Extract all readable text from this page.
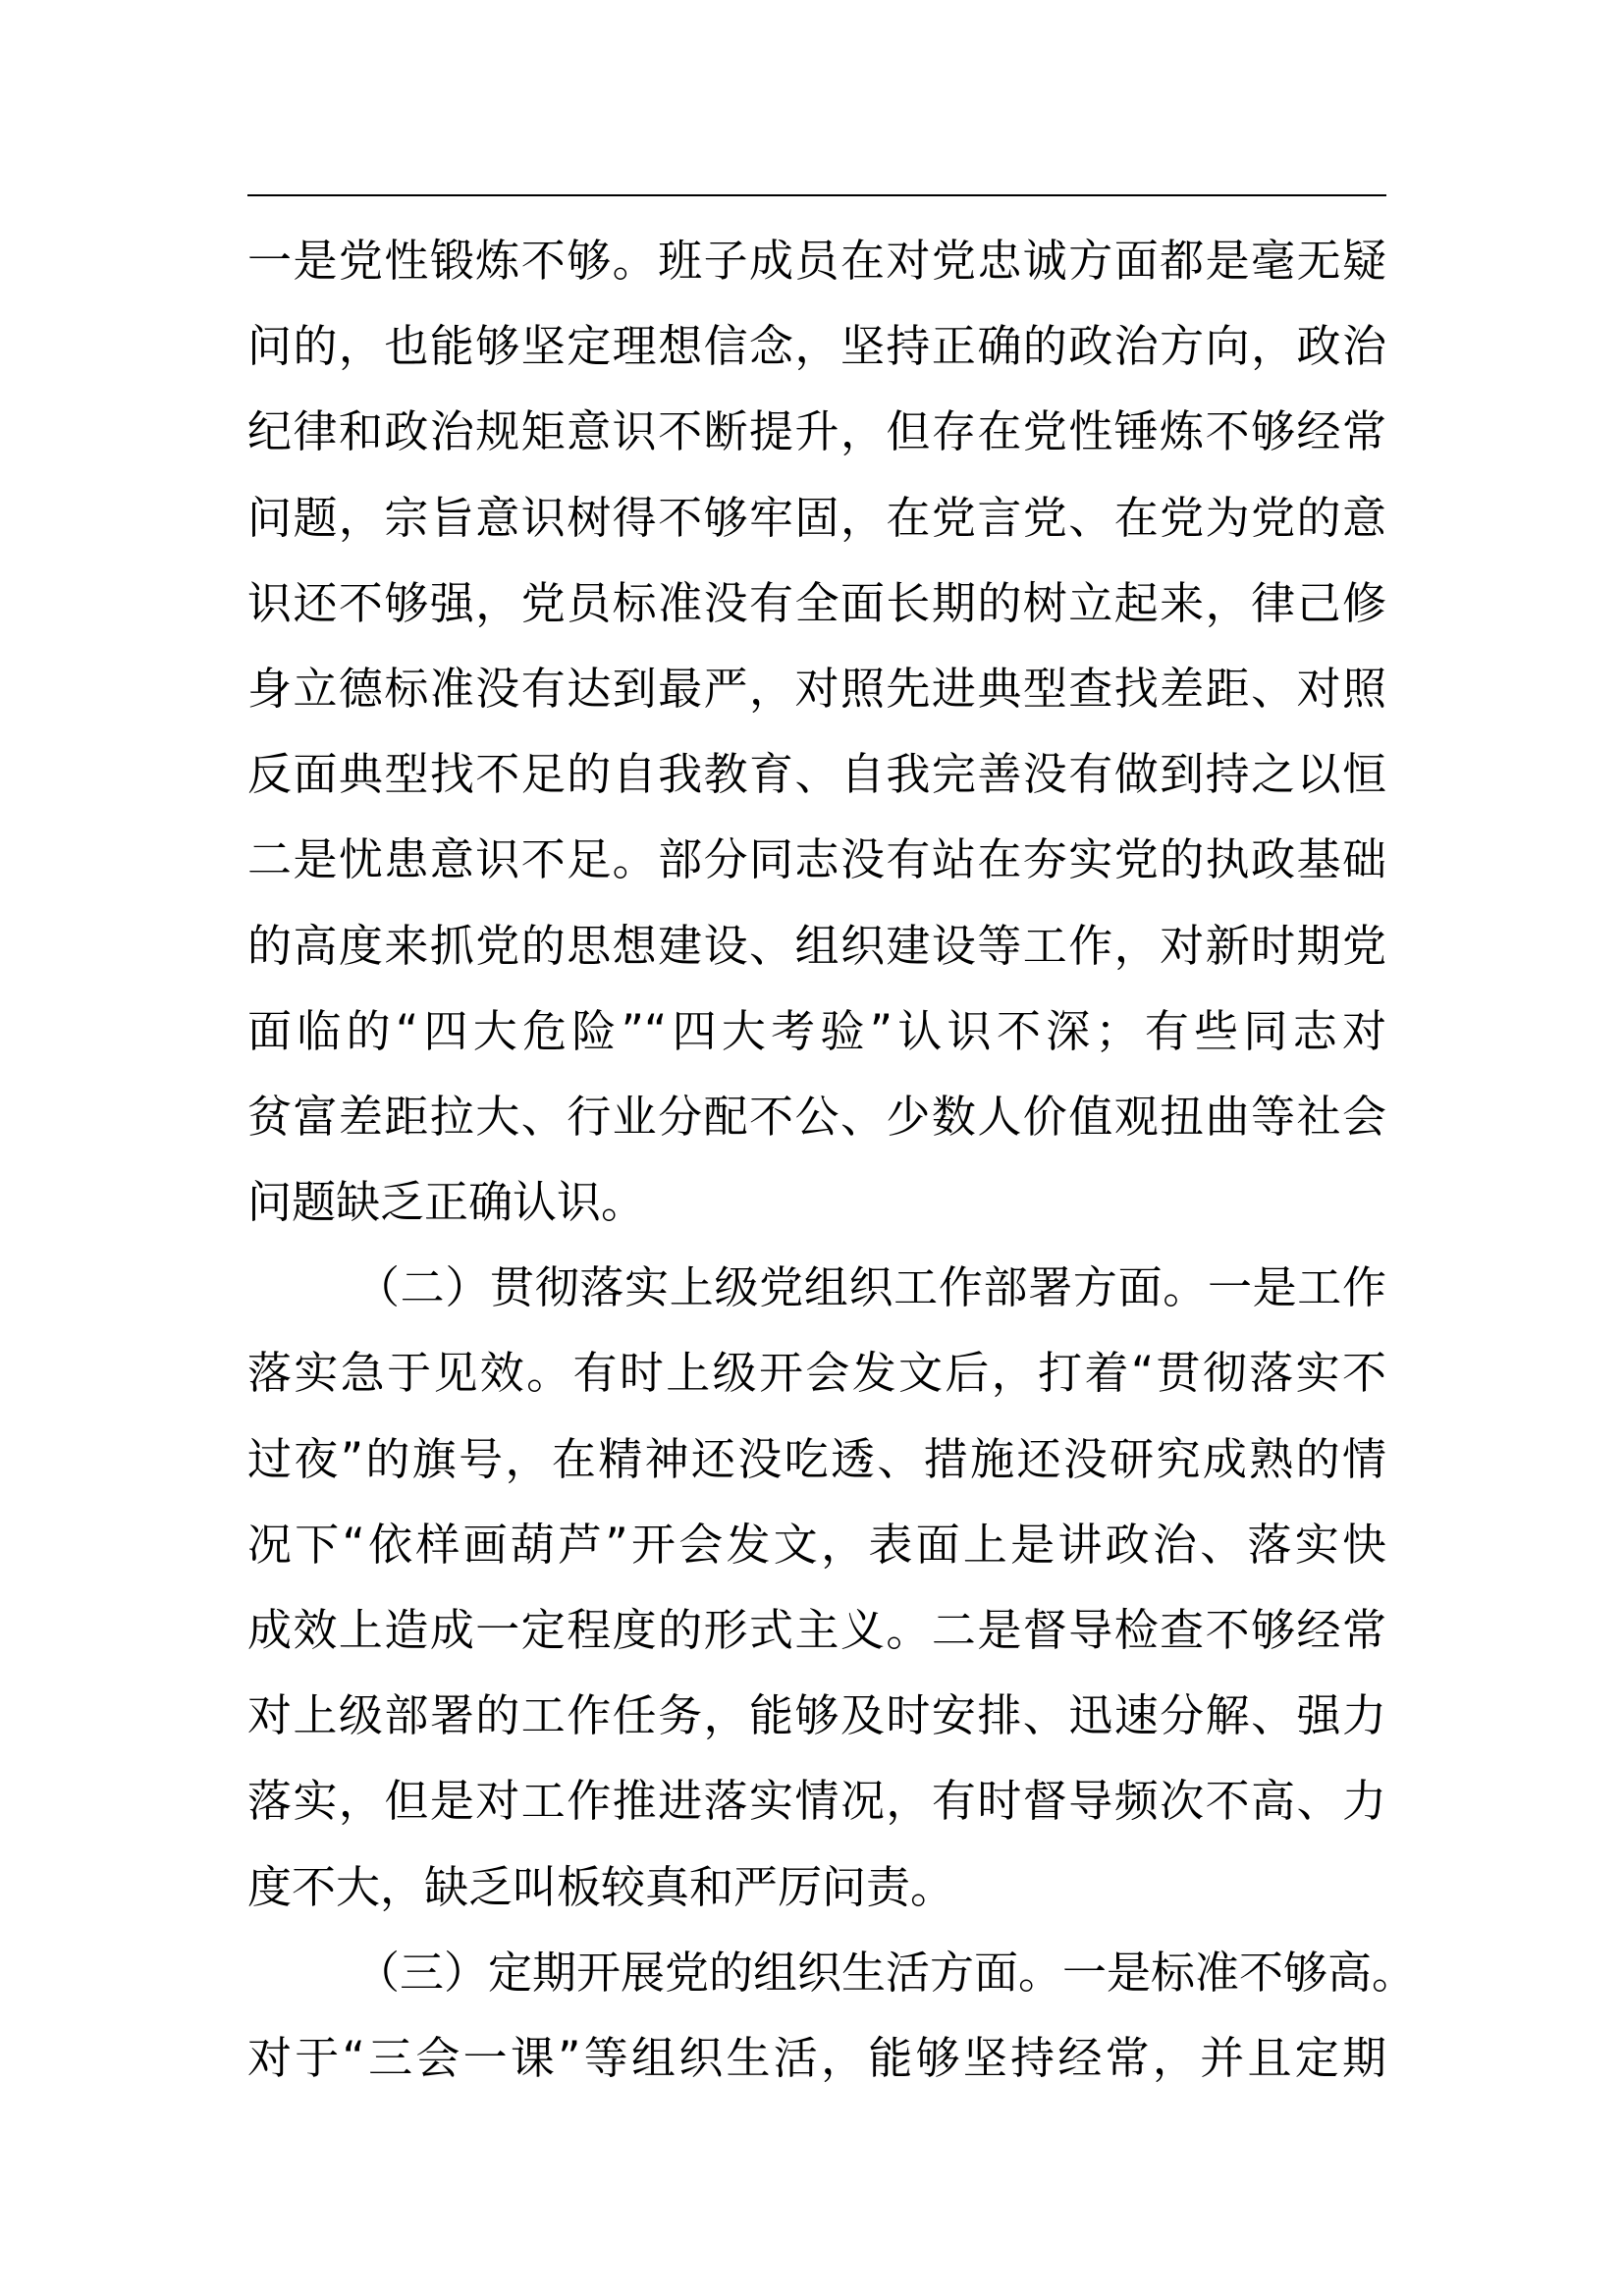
一是党性锻炼不够。班子成员在对党忠诚方面都是毫无疑
问的，也能够坚定理想信念，坚持正确的政治方向，政治
纪律和政治规矩意识不断提升，但存在党性锤炼不够经常
问题，宗旨意识树得不够牢固，在党言党、在党为党的意
识还不够强，党员标准没有全面长期的树立起来，律己修
身立德标准没有达到最严，对照先进典型查找差距、对照
反面典型找不足的自我教育、自我完善没有做到持之以恒
二是忧患意识不足。部分同志没有站在夯实党的执政基础
的高度来抓党的思想建设、组织建设等工作，对新时期党
面临的“四大危险”“四大考验”认识不深；有些同志对
贫富差距拉大、行业分配不公、少数人价值观扭曲等社会
问题缺乏正确认识。
（二）贯彻落实上级党组织工作部署方面。一是工作
落实急于见效。有时上级开会发文后，打着“贯彻落实不
过夜”的旗号，在精神还没吃透、措施还没研究成熟的情
况下“依样画葫芦”开会发文，表面上是讲政治、落实快
成效上造成一定程度的形式主义。二是督导检查不够经常
对上级部署的工作任务，能够及时安排、迅速分解、强力
落实，但是对工作推进落实情况，有时督导频次不高、力
度不大，缺乏叫板较真和严厉问责。
（三）定期开展党的组织生活方面。一是标准不够高。
对于“三会一课”等组织生活，能够坚持经常，并且定期
